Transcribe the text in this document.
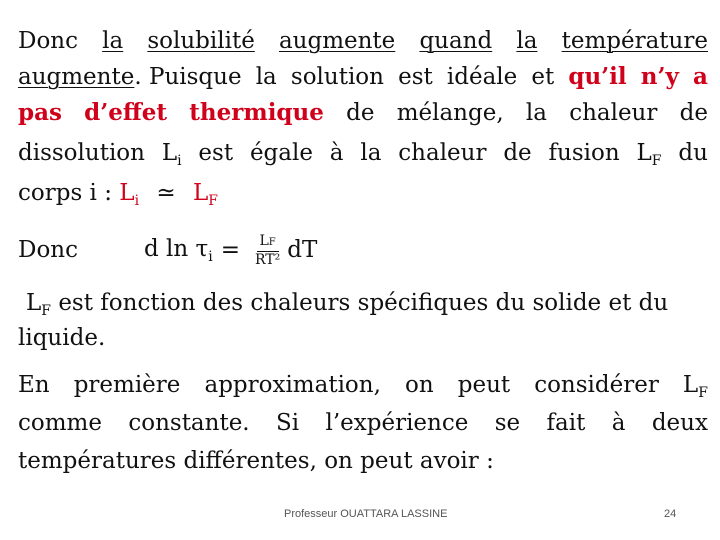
Donc la solubilité augmente quand la température
augmente. Puisque la solution est idéale et qu’il n’y a
pas d’effet thermique de mélange, la chaleur de
dissolution $L_i$ est égale à la chaleur de fusion $L_F$ du
corps i : $L_i$ ≃ $L_F$
Donc	d $\ln \tau_i = \frac{LF}{\text{RT²}}$ dT
$L_F$ est fonction des chaleurs spécifiques du solide et du
liquide.
En première approximation, on peut considérer $L_F$
comme constante. Si l’expérience se fait à deux
températures différentes, on peut avoir :
Professeur OUATTARA LASSINE	24
